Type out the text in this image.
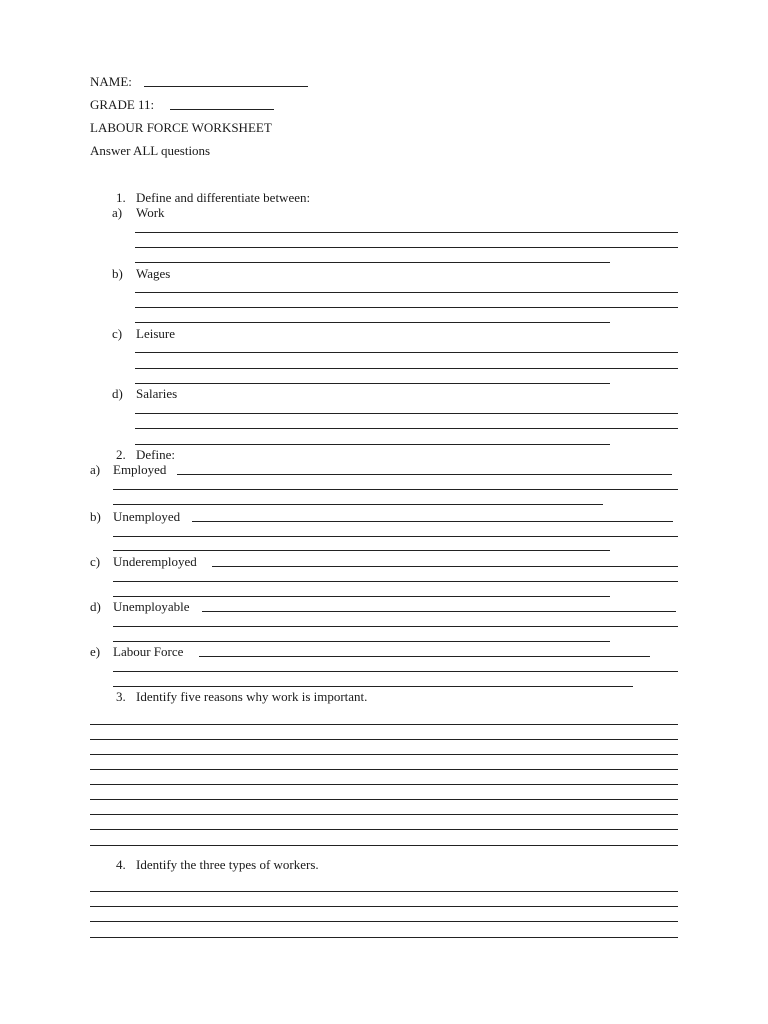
NAME:
GRADE 11:
LABOUR FORCE WORKSHEET
Answer ALL questions
1. Define and differentiate between:
a) Work
b) Wages
c) Leisure
d) Salaries
2. Define:
a) Employed
b) Unemployed
c) Underemployed
d) Unemployable
e) Labour Force
3. Identify five reasons why work is important.
4. Identify the three types of workers.
